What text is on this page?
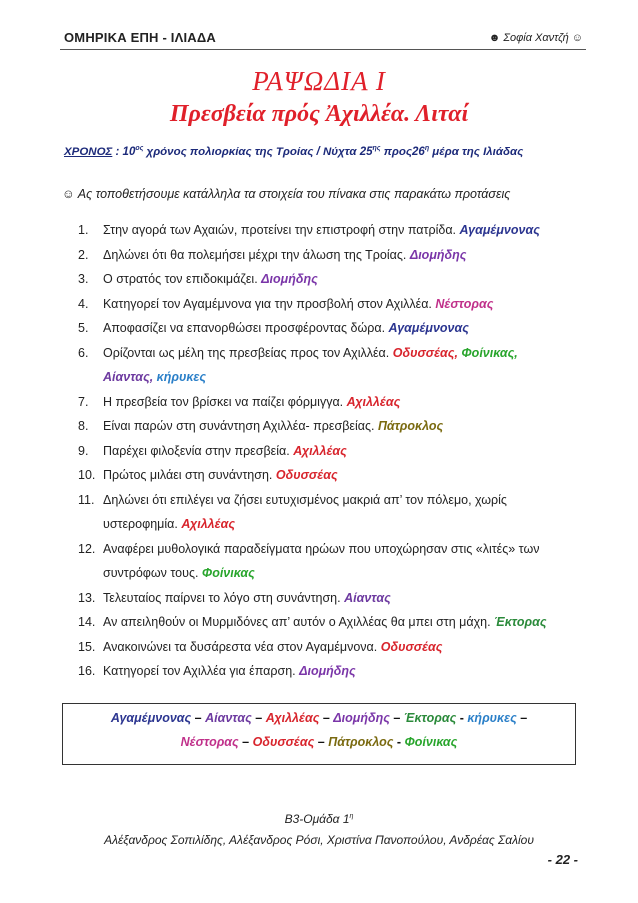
ΟΜΗΡΙΚΑ ΕΠΗ - ΙΛΙΑΔΑ	☻ Σοφία Χαντζή ☺
ΡΑΨΩΔΙΑ Ι
Πρεσβεία πρός Ἀχιλλέα. Λιταί
ΧΡΟΝΟΣ : $10^{o\varsigma}$ χρόνος πολιορκίας της Τροίας / Νύχτα $25^{\eta\varsigma}$ $\pi\rho o\varsigma 26^\eta$ μέρα της Ιλιάδας
☺ Ας τοποθετήσουμε κατάλληλα τα στοιχεία του πίνακα στις παρακάτω προτάσεις
1.	Στην αγορά των Αχαιών, προτείνει την επιστροφή στην πατρίδα. Αγαμέμνονας
2.	Δηλώνει ότι θα πολεμήσει μέχρι την άλωση της Τροίας. Διομήδης
3.	Ο στρατός τον επιδοκιμάζει. Διομήδης
4.	Κατηγορεί τον Αγαμέμνονα για την προσβολή στον Αχιλλέα. Νέστορας
5.	Αποφασίζει να επανορθώσει προσφέροντας δώρα. Αγαμέμνονας
6.	Ορίζονται ως μέλη της πρεσβείας προς τον Αχιλλέα. Οδυσσέας, Φοίνικας,
Αίαντας, κήρυκες
7.	Η πρεσβεία τον βρίσκει να παίζει φόρμιγγα. Αχιλλέας
8.	Είναι παρών στη συνάντηση Αχιλλέα- πρεσβείας. Πάτροκλος
9.	Παρέχει φιλοξενία στην πρεσβεία. Αχιλλέας
10. Πρώτος μιλάει στη συνάντηση. Οδυσσέας
11. Δηλώνει ότι επιλέγει να ζήσει ευτυχισμένος μακριά απ’ τον πόλεμο, χωρίς
υστεροφημία. Αχιλλέας
12. Αναφέρει μυθολογικά παραδείγματα ηρώων που υποχώρησαν στις «λιτές» των
συντρόφων τους. Φοίνικας
13. Τελευταίος παίρνει το λόγο στη συνάντηση. Αίαντας
14. Αν απειληθούν οι Μυρμιδόνες απ’ αυτόν ο Αχιλλέας θα μπει στη μάχη. Έκτορας
15. Ανακοινώνει τα δυσάρεστα νέα στον Αγαμέμνονα. Οδυσσέας
16. Κατηγορεί τον Αχιλλέα για έπαρση. Διομήδης
Αγαμέμνονας – Αίαντας – Αχιλλέας – Διομήδης – Έκτορας - κήρυκες –
Νέστορας – Οδυσσέας – Πάτροκλος - Φοίνικας
Β3-Ομάδα $1^\eta$
Αλέξανδρος Σοπιλίδης, Αλέξανδρος Ρόσι, Χριστίνα Πανοπούλου, Ανδρέας Σαλίου
- 22 -
